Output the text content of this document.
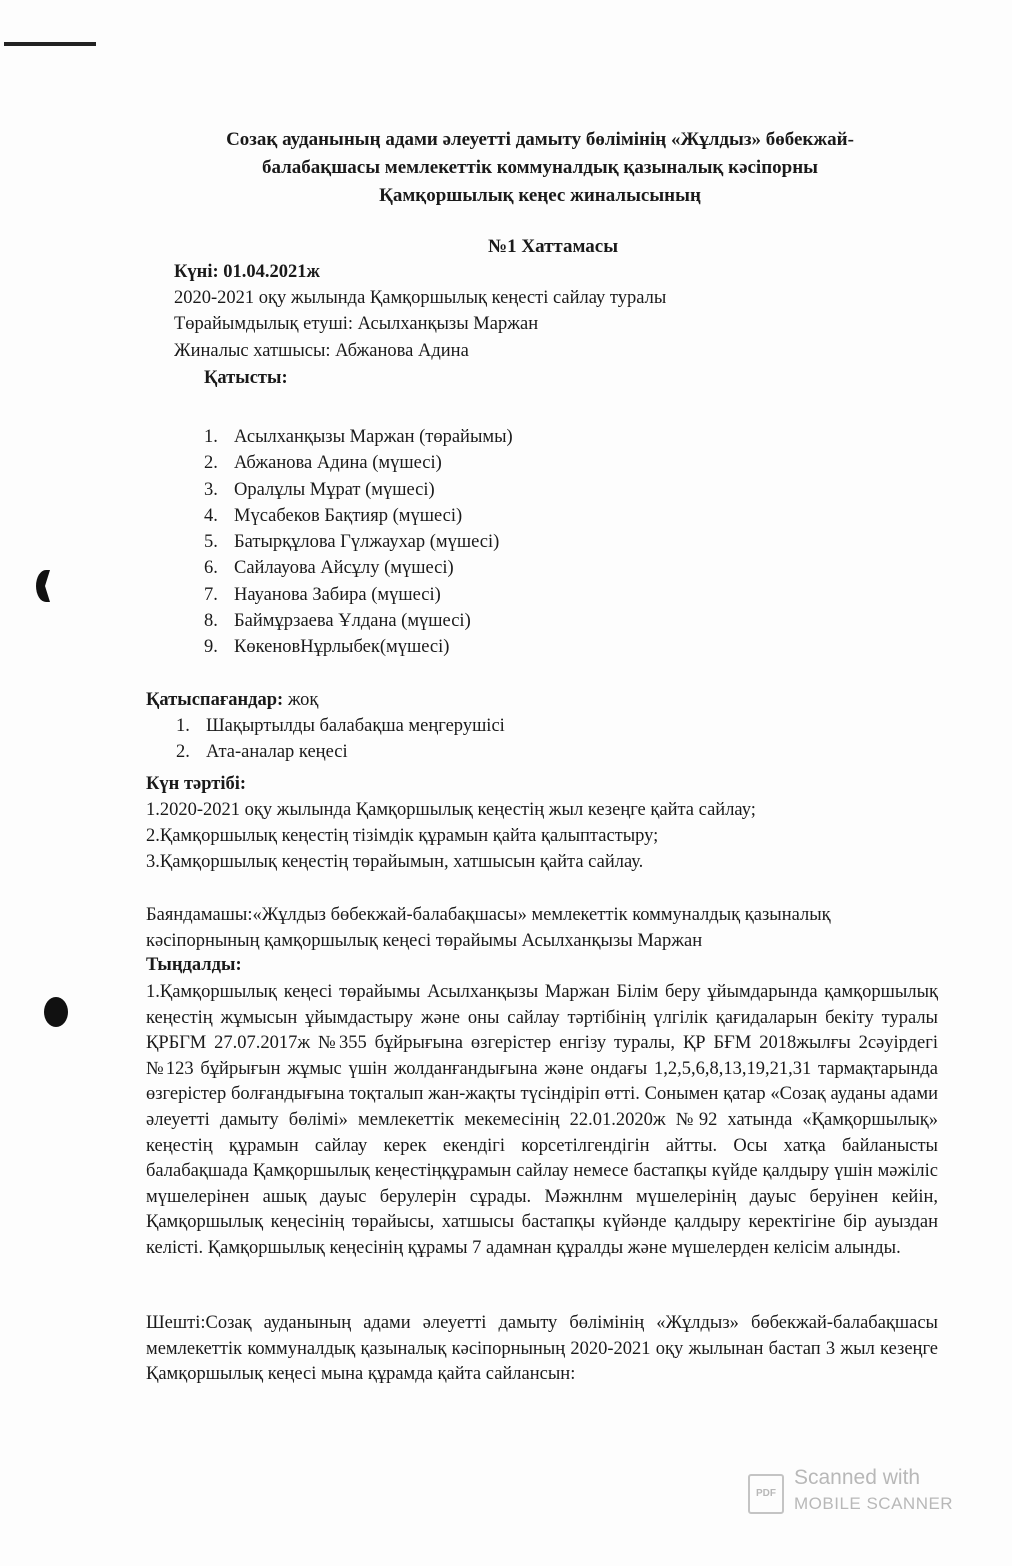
Созақ ауданының адами әлеуетті дамыту бөлімінің «Жұлдыз» бөбекжай-
балабақшасы мемлекеттік коммуналдық қазыналық кәсіпорны
Қамқоршылық кеңес жиналысының
№1 Хаттамасы
Күні: 01.04.2021ж
2020-2021 оқу жылында Қамқоршылық кеңесті сайлау туралы
Төрайымдылық етуші: Асылханқызы Маржан
Жиналыс хатшысы: Абжанова Адина
Қатысты:
1. Асылханқызы Маржан (төрайымы)
2. Абжанова Адина (мүшесі)
3. Оралұлы Мұрат (мүшесі)
4. Мүсабеков Бақтияр (мүшесі)
5. Батырқұлова Гүлжаухар (мүшесі)
6. Сайлауова Айсұлу (мүшесі)
7. Науанова Забира (мүшесі)
8. Баймұрзаева Ұлдана (мүшесі)
9. КөкеновНұрлыбек(мүшесі)
Қатыспағандар: жоқ
1. Шақыртылды балабақша меңгерушісі
2. Ата-аналар кеңесі
Күн тәртібі:
1.2020-2021 оқу жылында Қамқоршылық кеңестің жыл кезеңге қайта сайлау;
2.Қамқоршылық кеңестің тізімдік құрамын қайта қалыптастыру;
3.Қамқоршылық кеңестің төрайымын, хатшысын қайта сайлау.
Баяндамашы:«Жұлдыз бөбекжай-балабақшасы» мемлекеттік коммуналдық қазыналық кәсіпорнының қамқоршылық кеңесі төрайымы Асылханқызы Маржан
Тыңдалды:
1.Қамқоршылық кеңесі төрайымы Асылханқызы Маржан Білім беру ұйымдарында қамқоршылық кеңестің жұмысын ұйымдастыру және оны сайлау тәртібінің үлгілік қағидаларын бекіту туралы ҚРБГМ 27.07.2017ж №355 бұйрығына өзгерістер енгізу туралы, ҚР БҒМ 2018жылғы 2сәуірдегі №123 бұйрығын жұмыс үшін жолданғандығына және ондағы 1,2,5,6,8,13,19,21,31 тармақтарында өзгерістер болғандығына тоқталып жан-жақты түсіндіріп өтті. Сонымен қатар «Созақ ауданы адами әлеуетті дамыту бөлімі» мемлекеттік мекемесінің 22.01.2020ж №92 хатында «Қамқоршылық» кеңестің құрамын сайлау керек екендігі корсетілгендігін айтты. Осы хатқа байланысты балабақшада Қамқоршылық кеңестіңқұрамын сайлау немесе бастапқы күйде қалдыру үшін мәжіліс мүшелерінен ашық дауыс берулерін сұрады. Мәжнлнм мүшелерінің дауыс беруінен кейін, Қамқоршылық кеңесінің төрайысы, хатшысы бастапқы күйәнде қалдыру керектігіне бір ауыздан келісті. Қамқоршылық кеңесінің құрамы 7 адамнан құралды және мүшелерден келісім алынды.
Шешті:Созақ ауданының адами әлеуетті дамыту бөлімінің «Жұлдыз» бөбекжай-балабақшасы мемлекеттік коммуналдық қазыналық кәсіпорнының 2020-2021 оқу жылынан бастап 3 жыл кезеңге Қамқоршылық кеңесі мына құрамда қайта сайлансын:
PDF
Scanned with
MOBILE SCANNER
